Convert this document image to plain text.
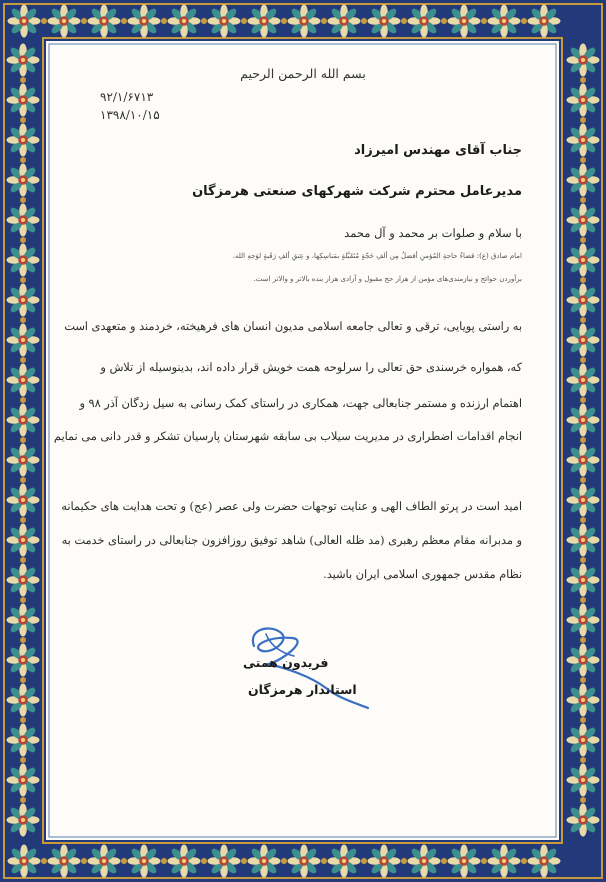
بسم الله الرحمن الرحیم
۹۲/۱/۶۷۱۳
۱۳۹۸/۱۰/۱۵
جناب آقای مهندس امیرزاد
مدیرعامل محترم شرکت شهرکهای صنعتی هرمزگان
با سلام و صلوات بر محمد و آل محمد
امام صادق (ع): قضاءُ حاجةِ المُؤمنِ أفضلُ مِن ألفِ حَجّةٍ مُتَقَبَّلةٍ بمَناسِکِها، و عِتقِ ألفِ رَقَبةٍ لوَجهِ الله.
برآوردن حوائج و نیازمندی‌های مؤمن از هزار حج مقبول و آزادی هزار بنده بالاتر و والاتر است.
به راستی پویایی، ترقی و تعالی جامعه اسلامی مدیون انسان های فرهیخته، خردمند و متعهدی است
که، همواره خرسندی حق تعالی را سرلوحه همت خویش قرار داده اند، بدینوسیله از تلاش و
اهتمام ارزنده و مستمر جنابعالی جهت، همکاری در راستای کمک رسانی به سیل زدگان آذر ۹۸ و
انجام اقدامات اضطراری در مدیریت سیلاب بی سابقه شهرستان پارسیان تشکر و قدر دانی می نمایم
امید است در پرتو الطاف الهی و عنایت توجهات حضرت ولی عصر (عج) و تحت هدایت های حکیمانه
و مدبرانه مقام معظم رهبری (مد ظله العالی) شاهد توفیق روزافزون جنابعالی در راستای خدمت به
نظام مقدس جمهوری اسلامی ایران باشید.
فریدون همتی
استاندار هرمزگان
